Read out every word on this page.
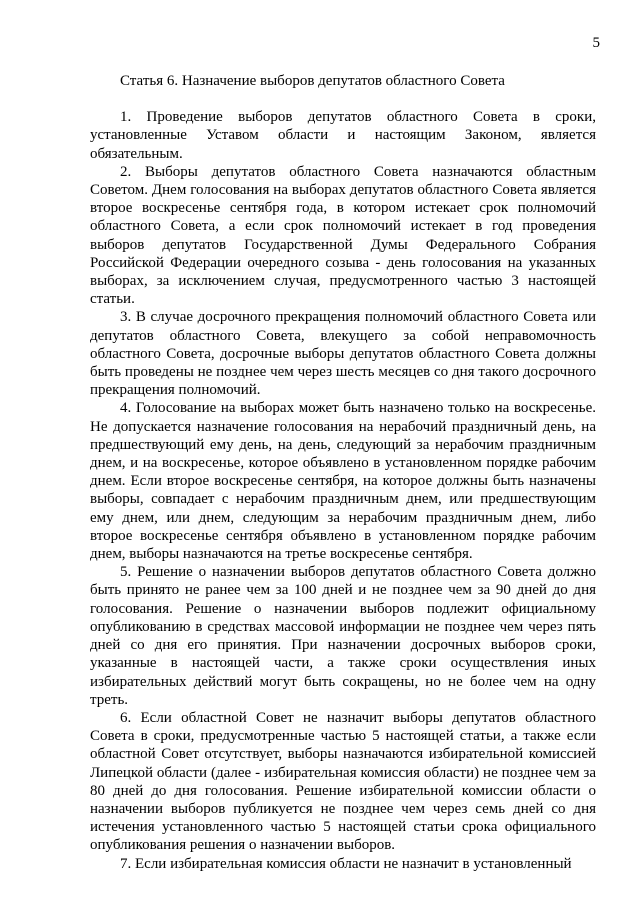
5
Статья 6. Назначение выборов депутатов областного Совета

1. Проведение выборов депутатов областного Совета в сроки, установленные Уставом области и настоящим Законом, является обязательным.

2. Выборы депутатов областного Совета назначаются областным Советом. Днем голосования на выборах депутатов областного Совета является второе воскресенье сентября года, в котором истекает срок полномочий областного Совета, а если срок полномочий истекает в год проведения выборов депутатов Государственной Думы Федерального Собрания Российской Федерации очередного созыва - день голосования на указанных выборах, за исключением случая, предусмотренного частью 3 настоящей статьи.

3. В случае досрочного прекращения полномочий областного Совета или депутатов областного Совета, влекущего за собой неправомочность областного Совета, досрочные выборы депутатов областного Совета должны быть проведены не позднее чем через шесть месяцев со дня такого досрочного прекращения полномочий.

4. Голосование на выборах может быть назначено только на воскресенье. Не допускается назначение голосования на нерабочий праздничный день, на предшествующий ему день, на день, следующий за нерабочим праздничным днем, и на воскресенье, которое объявлено в установленном порядке рабочим днем. Если второе воскресенье сентября, на которое должны быть назначены выборы, совпадает с нерабочим праздничным днем, или предшествующим ему днем, или днем, следующим за нерабочим праздничным днем, либо второе воскресенье сентября объявлено в установленном порядке рабочим днем, выборы назначаются на третье воскресенье сентября.

5. Решение о назначении выборов депутатов областного Совета должно быть принято не ранее чем за 100 дней и не позднее чем за 90 дней до дня голосования. Решение о назначении выборов подлежит официальному опубликованию в средствах массовой информации не позднее чем через пять дней со дня его принятия. При назначении досрочных выборов сроки, указанные в настоящей части, а также сроки осуществления иных избирательных действий могут быть сокращены, но не более чем на одну треть.

6. Если областной Совет не назначит выборы депутатов областного Совета в сроки, предусмотренные частью 5 настоящей статьи, а также если областной Совет отсутствует, выборы назначаются избирательной комиссией Липецкой области (далее - избирательная комиссия области) не позднее чем за 80 дней до дня голосования. Решение избирательной комиссии области о назначении выборов публикуется не позднее чем через семь дней со дня истечения установленного частью 5 настоящей статьи срока официального опубликования решения о назначении выборов.

7. Если избирательная комиссия области не назначит в установленный
